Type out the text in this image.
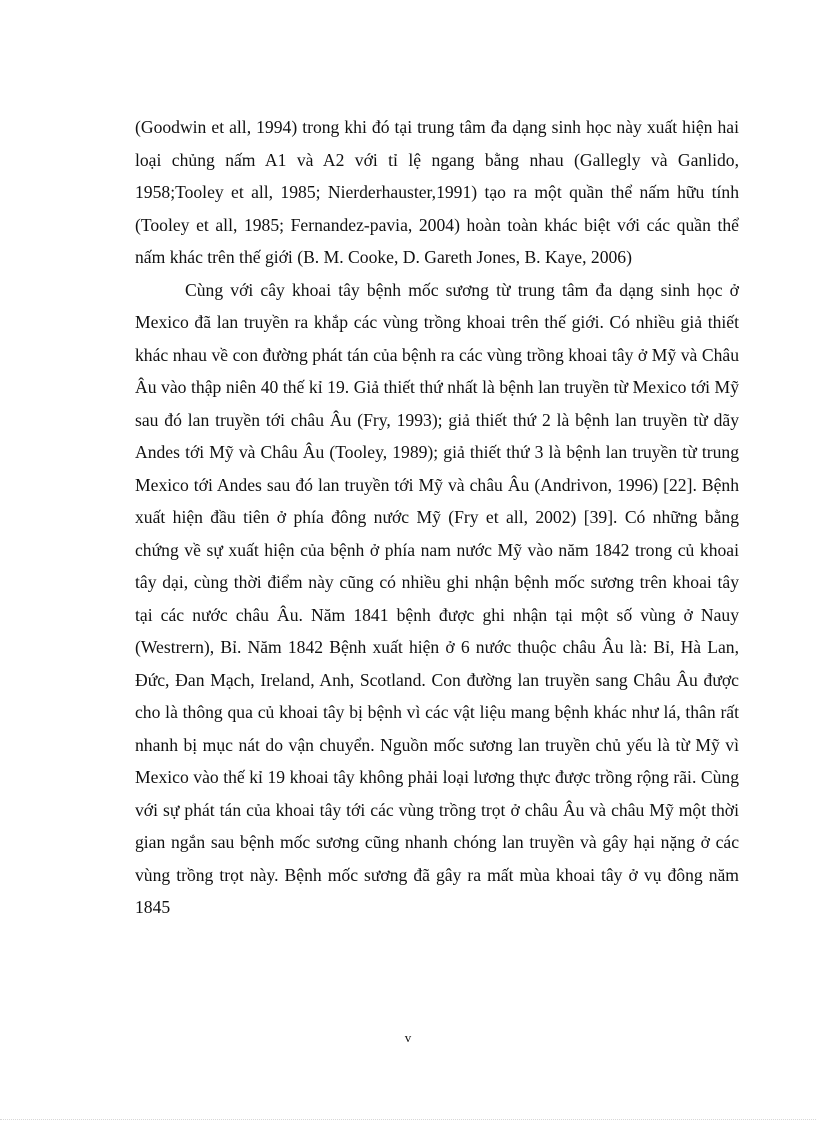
(Goodwin et all, 1994) trong khi đó tại trung tâm đa dạng sinh học này xuất hiện hai loại chủng nấm A1 và A2 với tỉ lệ ngang bằng nhau (Gallegly và Ganlido, 1958;Tooley et all, 1985; Nierderhauster,1991) tạo ra một quần thể nấm hữu tính (Tooley et all, 1985; Fernandez-pavia, 2004) hoàn toàn khác biệt với các quần thể nấm khác trên thế giới (B. M. Cooke, D. Gareth Jones, B. Kaye, 2006)

Cùng với cây khoai tây bệnh mốc sương từ trung tâm đa dạng sinh học ở Mexico đã lan truyền ra khắp các vùng trồng khoai trên thế giới. Có nhiều giả thiết khác nhau về con đường phát tán của bệnh ra các vùng trồng khoai tây ở Mỹ và Châu Âu vào thập niên 40 thế kỉ 19. Giả thiết thứ nhất là bệnh lan truyền từ Mexico tới Mỹ sau đó lan truyền tới châu Âu (Fry, 1993); giả thiết thứ 2 là bệnh lan truyền từ dãy Andes tới Mỹ và Châu Âu (Tooley, 1989); giả thiết thứ 3 là bệnh lan truyền từ trung Mexico tới Andes sau đó lan truyền tới Mỹ và châu Âu (Andrivon, 1996) [22]. Bệnh xuất hiện đầu tiên ở phía đông nước Mỹ (Fry et all, 2002) [39]. Có những bằng chứng về sự xuất hiện của bệnh ở phía nam nước Mỹ vào năm 1842 trong củ khoai tây dại, cùng thời điểm này cũng có nhiều ghi nhận bệnh mốc sương trên khoai tây tại các nước châu Âu. Năm 1841 bệnh được ghi nhận tại một số vùng ở Nauy (Westrern), Bỉ. Năm 1842 Bệnh xuất hiện ở 6 nước thuộc châu Âu là: Bỉ, Hà Lan, Đức, Đan Mạch, Ireland, Anh, Scotland. Con đường lan truyền sang Châu Âu được cho là thông qua củ khoai tây bị bệnh vì các vật liệu mang bệnh khác như lá, thân rất nhanh bị mục nát do vận chuyển. Nguồn mốc sương lan truyền chủ yếu là từ Mỹ vì Mexico vào thế kỉ 19 khoai tây không phải loại lương thực được trồng rộng rãi. Cùng với sự phát tán của khoai tây tới các vùng trồng trọt ở châu Âu và châu Mỹ một thời gian ngắn sau bệnh mốc sương cũng nhanh chóng lan truyền và gây hại nặng ở các vùng trồng trọt này. Bệnh mốc sương đã gây ra mất mùa khoai tây ở vụ đông năm 1845

v
